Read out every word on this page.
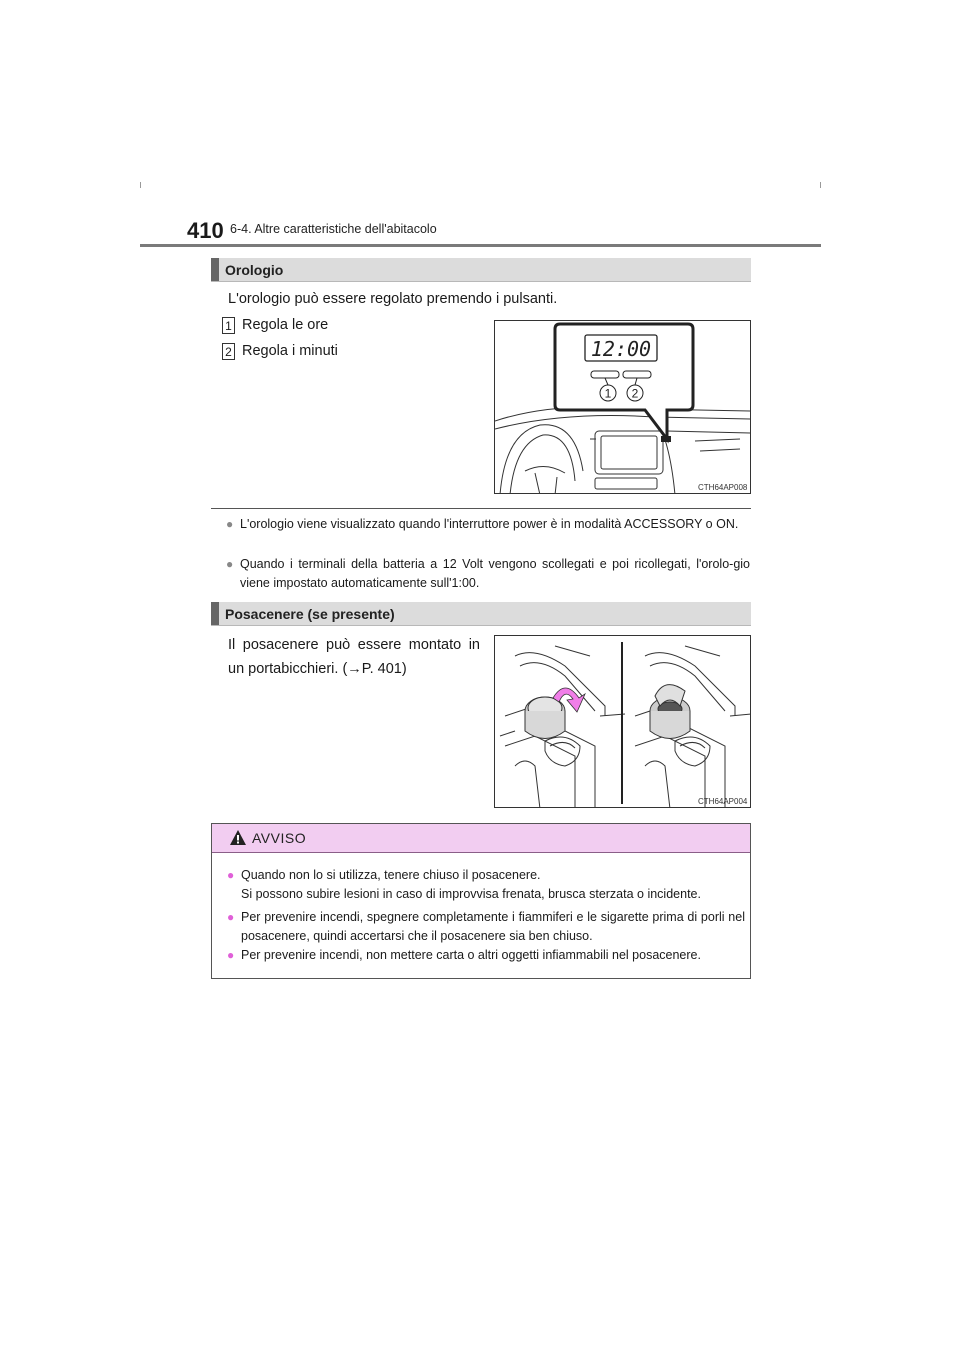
410 6-4. Altre caratteristiche dell'abitacolo
Orologio
L'orologio può essere regolato premendo i pulsanti.
1 Regola le ore
2 Regola i minuti	12:00
1 2
CTH64AP008
● L'orologio viene visualizzato quando l'interruttore power è in modalità ACCESSORY o ON.
● Quando i terminali della batteria a 12 Volt vengono scollegati e poi ricollegati, l'orolo-gio viene impostato automaticamente sull'1:00.
Posacenere (se presente)
Il posacenere può essere montato in un portabicchieri. (→P. 401)
CTH64AP004
AVVISO
● Quando non lo si utilizza, tenere chiuso il posacenere.
Si possono subire lesioni in caso di improvvisa frenata, brusca sterzata o incidente.
● Per prevenire incendi, spegnere completamente i fiammiferi e le sigarette prima di porli nel posacenere, quindi accertarsi che il posacenere sia ben chiuso.
● Per prevenire incendi, non mettere carta o altri oggetti infiammabili nel posacenere.
